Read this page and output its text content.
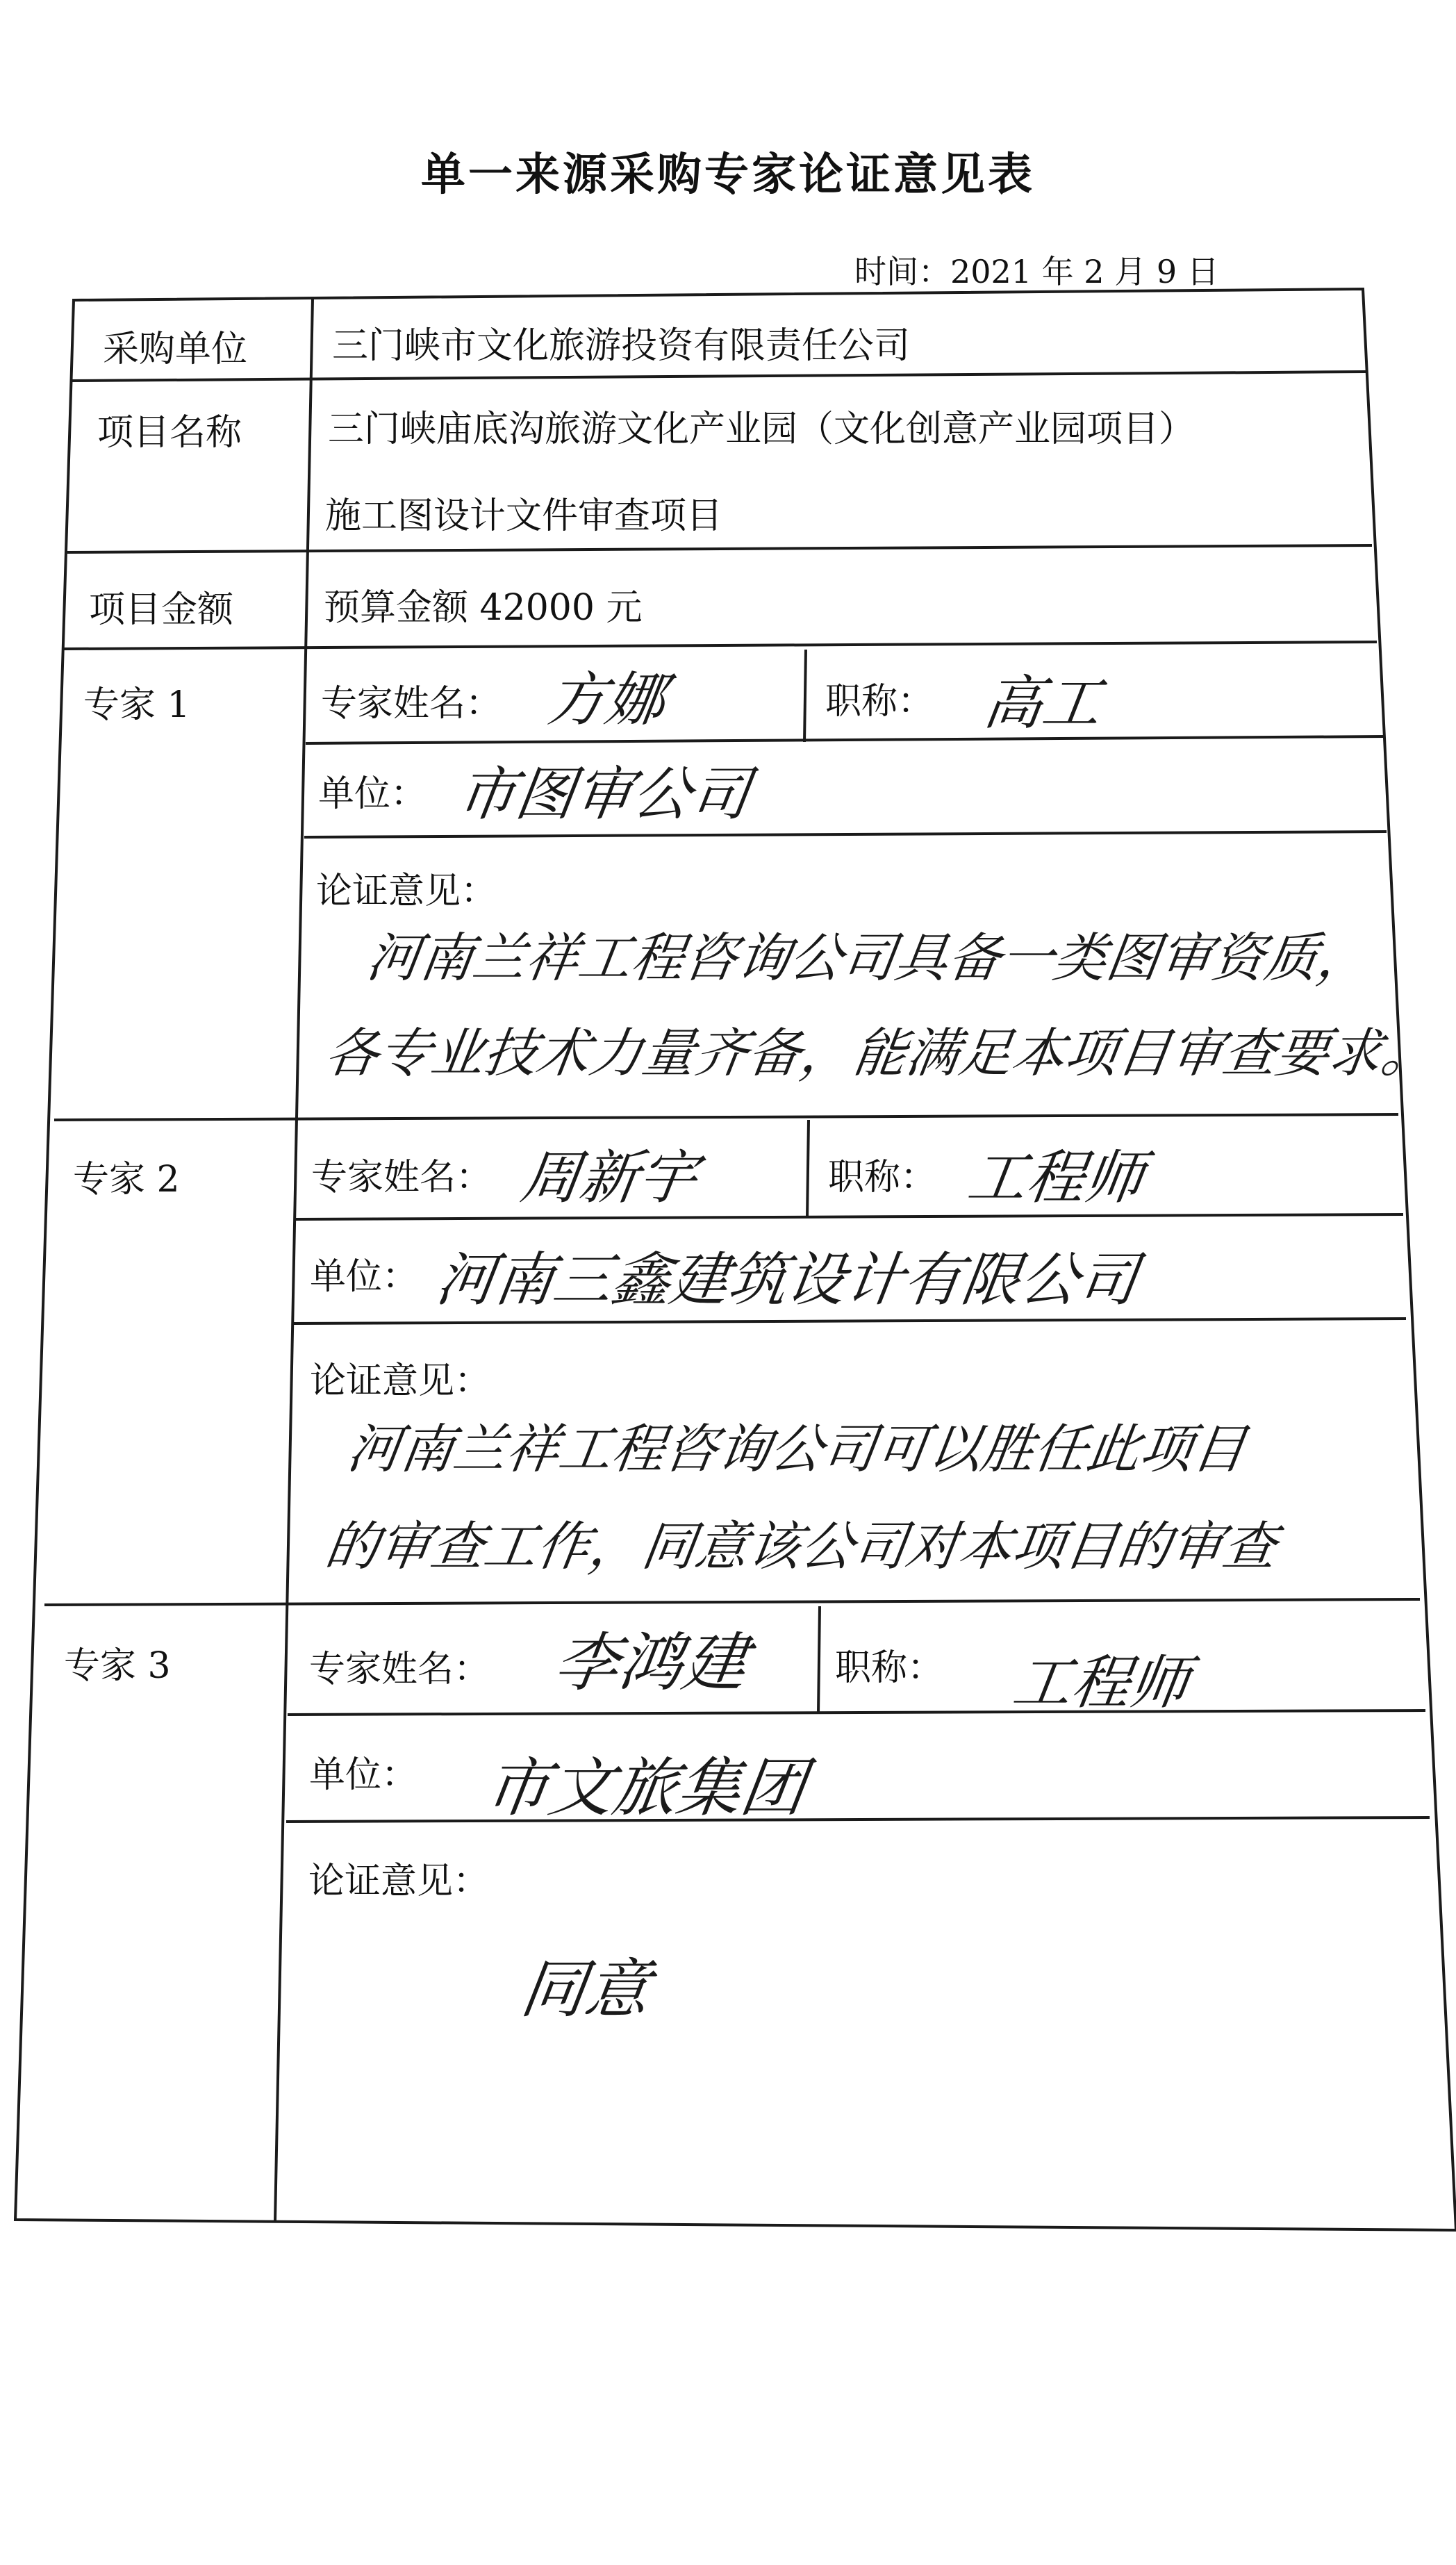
单一来源采购专家论证意见表
时间：2021 年 2 月 9 日
采购单位 三门峡市文化旅游投资有限责任公司
项目名称 三门峡庙底沟旅游文化产业园（文化创意产业园项目）
施工图设计文件审查项目
项目金额 预算金额 42000 元
专家 1	专家姓名： 方娜	职称： 高工
单位： 市图审公司
论证意见：
河南兰祥工程咨询公司具备一类图审资质，
各专业技术力量齐备，能满足本项目审查要求。
专家 2	专家姓名： 周新宇	职称： 工程师
单位： 河南三鑫建筑设计有限公司
论证意见：
河南兰祥工程咨询公司可以胜任此项目
的审查工作，同意该公司对本项目的审查
专家 3	专家姓名： 李鸿建 职称： 工程师
单位： 市文旅集团
论证意见：
同意
